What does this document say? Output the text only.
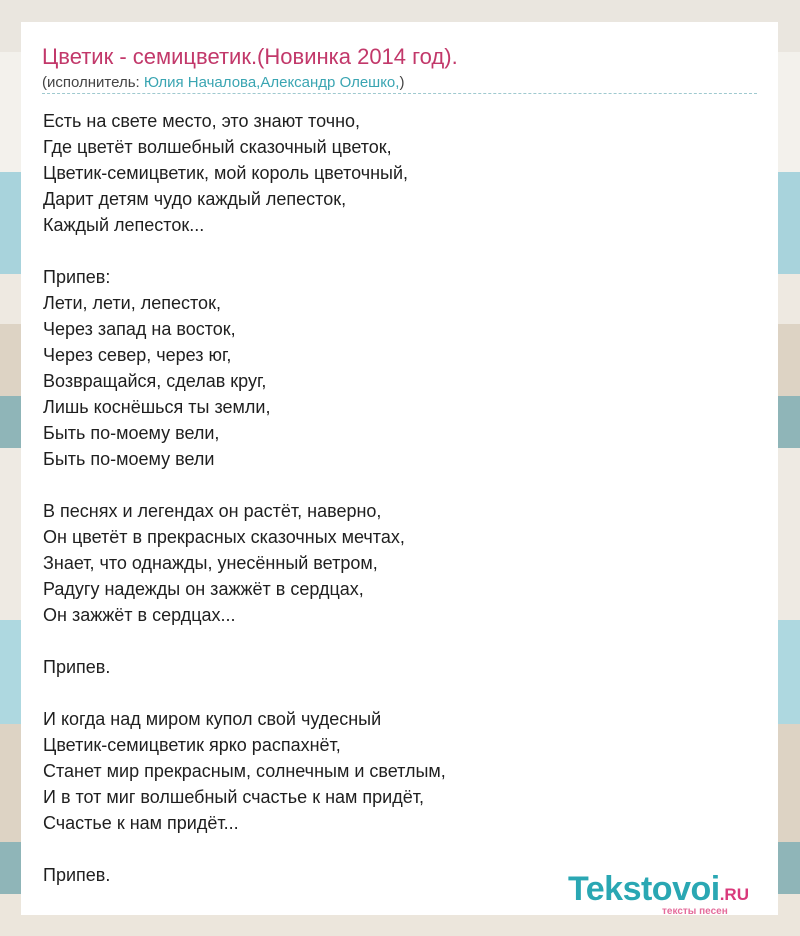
Цветик - семицветик.(Новинка 2014 год).
(исполнитель: Юлия Началова,Александр Олешко,)
Есть на свете место, это знают точно,
Где цветёт волшебный сказочный цветок,
Цветик-семицветик, мой король цветочный,
Дарит детям чудо каждый лепесток,
Каждый лепесток...
Припев:
Лети, лети, лепесток,
Через запад на восток,
Через север, через юг,
Возвращайся, сделав круг,
Лишь коснёшься ты земли,
Быть по-моему вели,
Быть по-моему вели
В песнях и легендах он растёт, наверно,
Он цветёт в прекрасных сказочных мечтах,
Знает, что однажды, унесённый ветром,
Радугу надежды он зажжёт в сердцах,
Он зажжёт в сердцах...
Припев.
И когда над миром купол свой чудесный
Цветик-семицветик ярко распахнёт,
Станет мир прекрасным, солнечным и светлым,
И в тот миг волшебный счастье к нам придёт,
Счастье к нам придёт...
Припев.	Tekstovoi.RU
тексты песен
